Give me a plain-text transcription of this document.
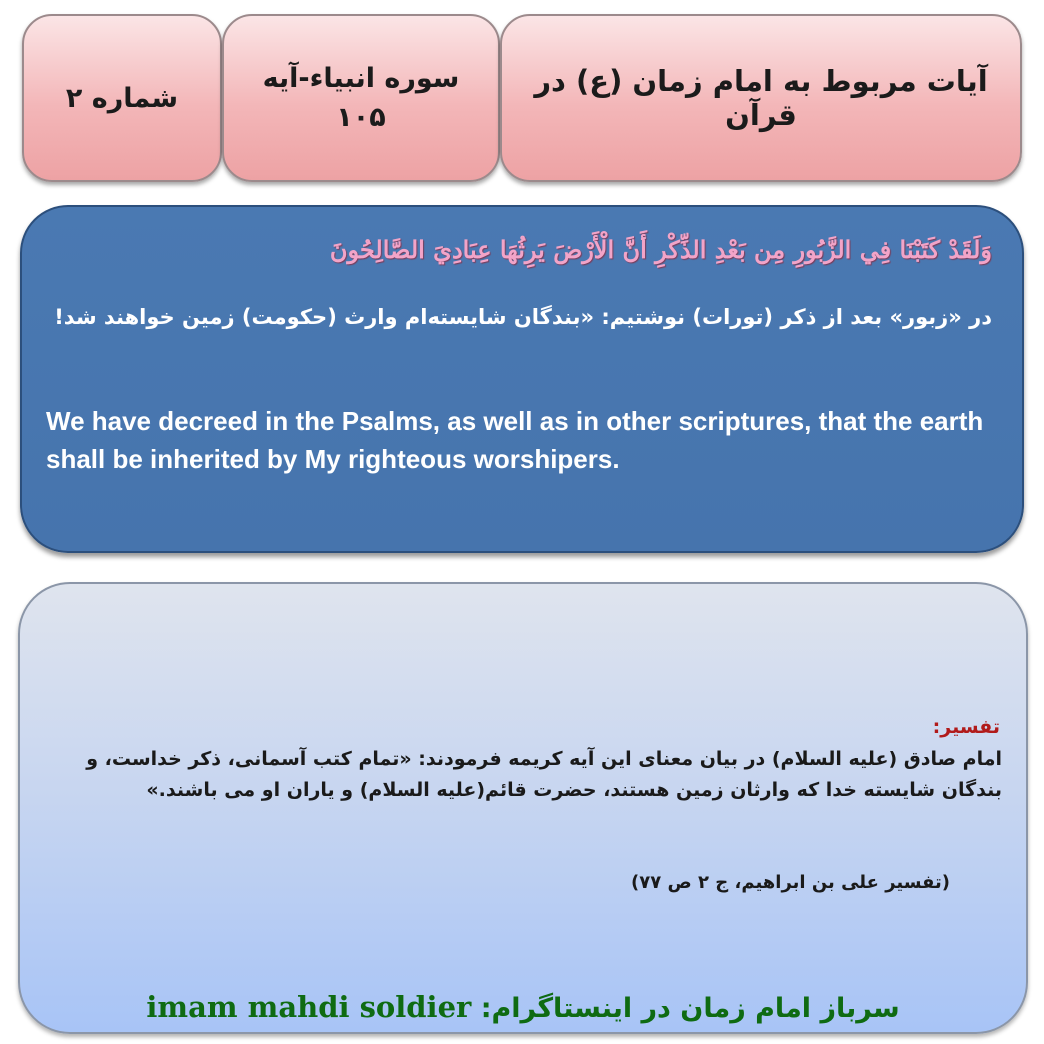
شماره ۲
سوره انبیاء-آیه
۱۰۵
آیات مربوط به امام زمان (ع) در قرآن
وَلَقَدْ كَتَبْنَا فِي الزَّبُورِ مِن بَعْدِ الذِّكْرِ أَنَّ الْأَرْضَ يَرِثُهَا عِبَادِيَ الصَّالِحُونَ
در «زبور» بعد از ذکر (تورات) نوشتیم: «بندگان شایسته‌ام وارث (حکومت) زمین خواهند شد!
We have decreed in the Psalms, as well as in other scriptures, that the earth shall be inherited by My righteous worshipers.
تفسیر:
امام صادق (علیه السلام) در بیان معنای این آیه کریمه فرمودند: «تمام کتب آسمانی، ذکر خداست، و بندگان شایسته خدا که وارثان زمین هستند، حضرت قائم(علیه السلام) و یاران او می باشند.»
(تفسیر علی بن ابراهیم، ج ۲ ص ۷۷)
سرباز امام زمان در اینستاگرام: imam mahdi soldier
